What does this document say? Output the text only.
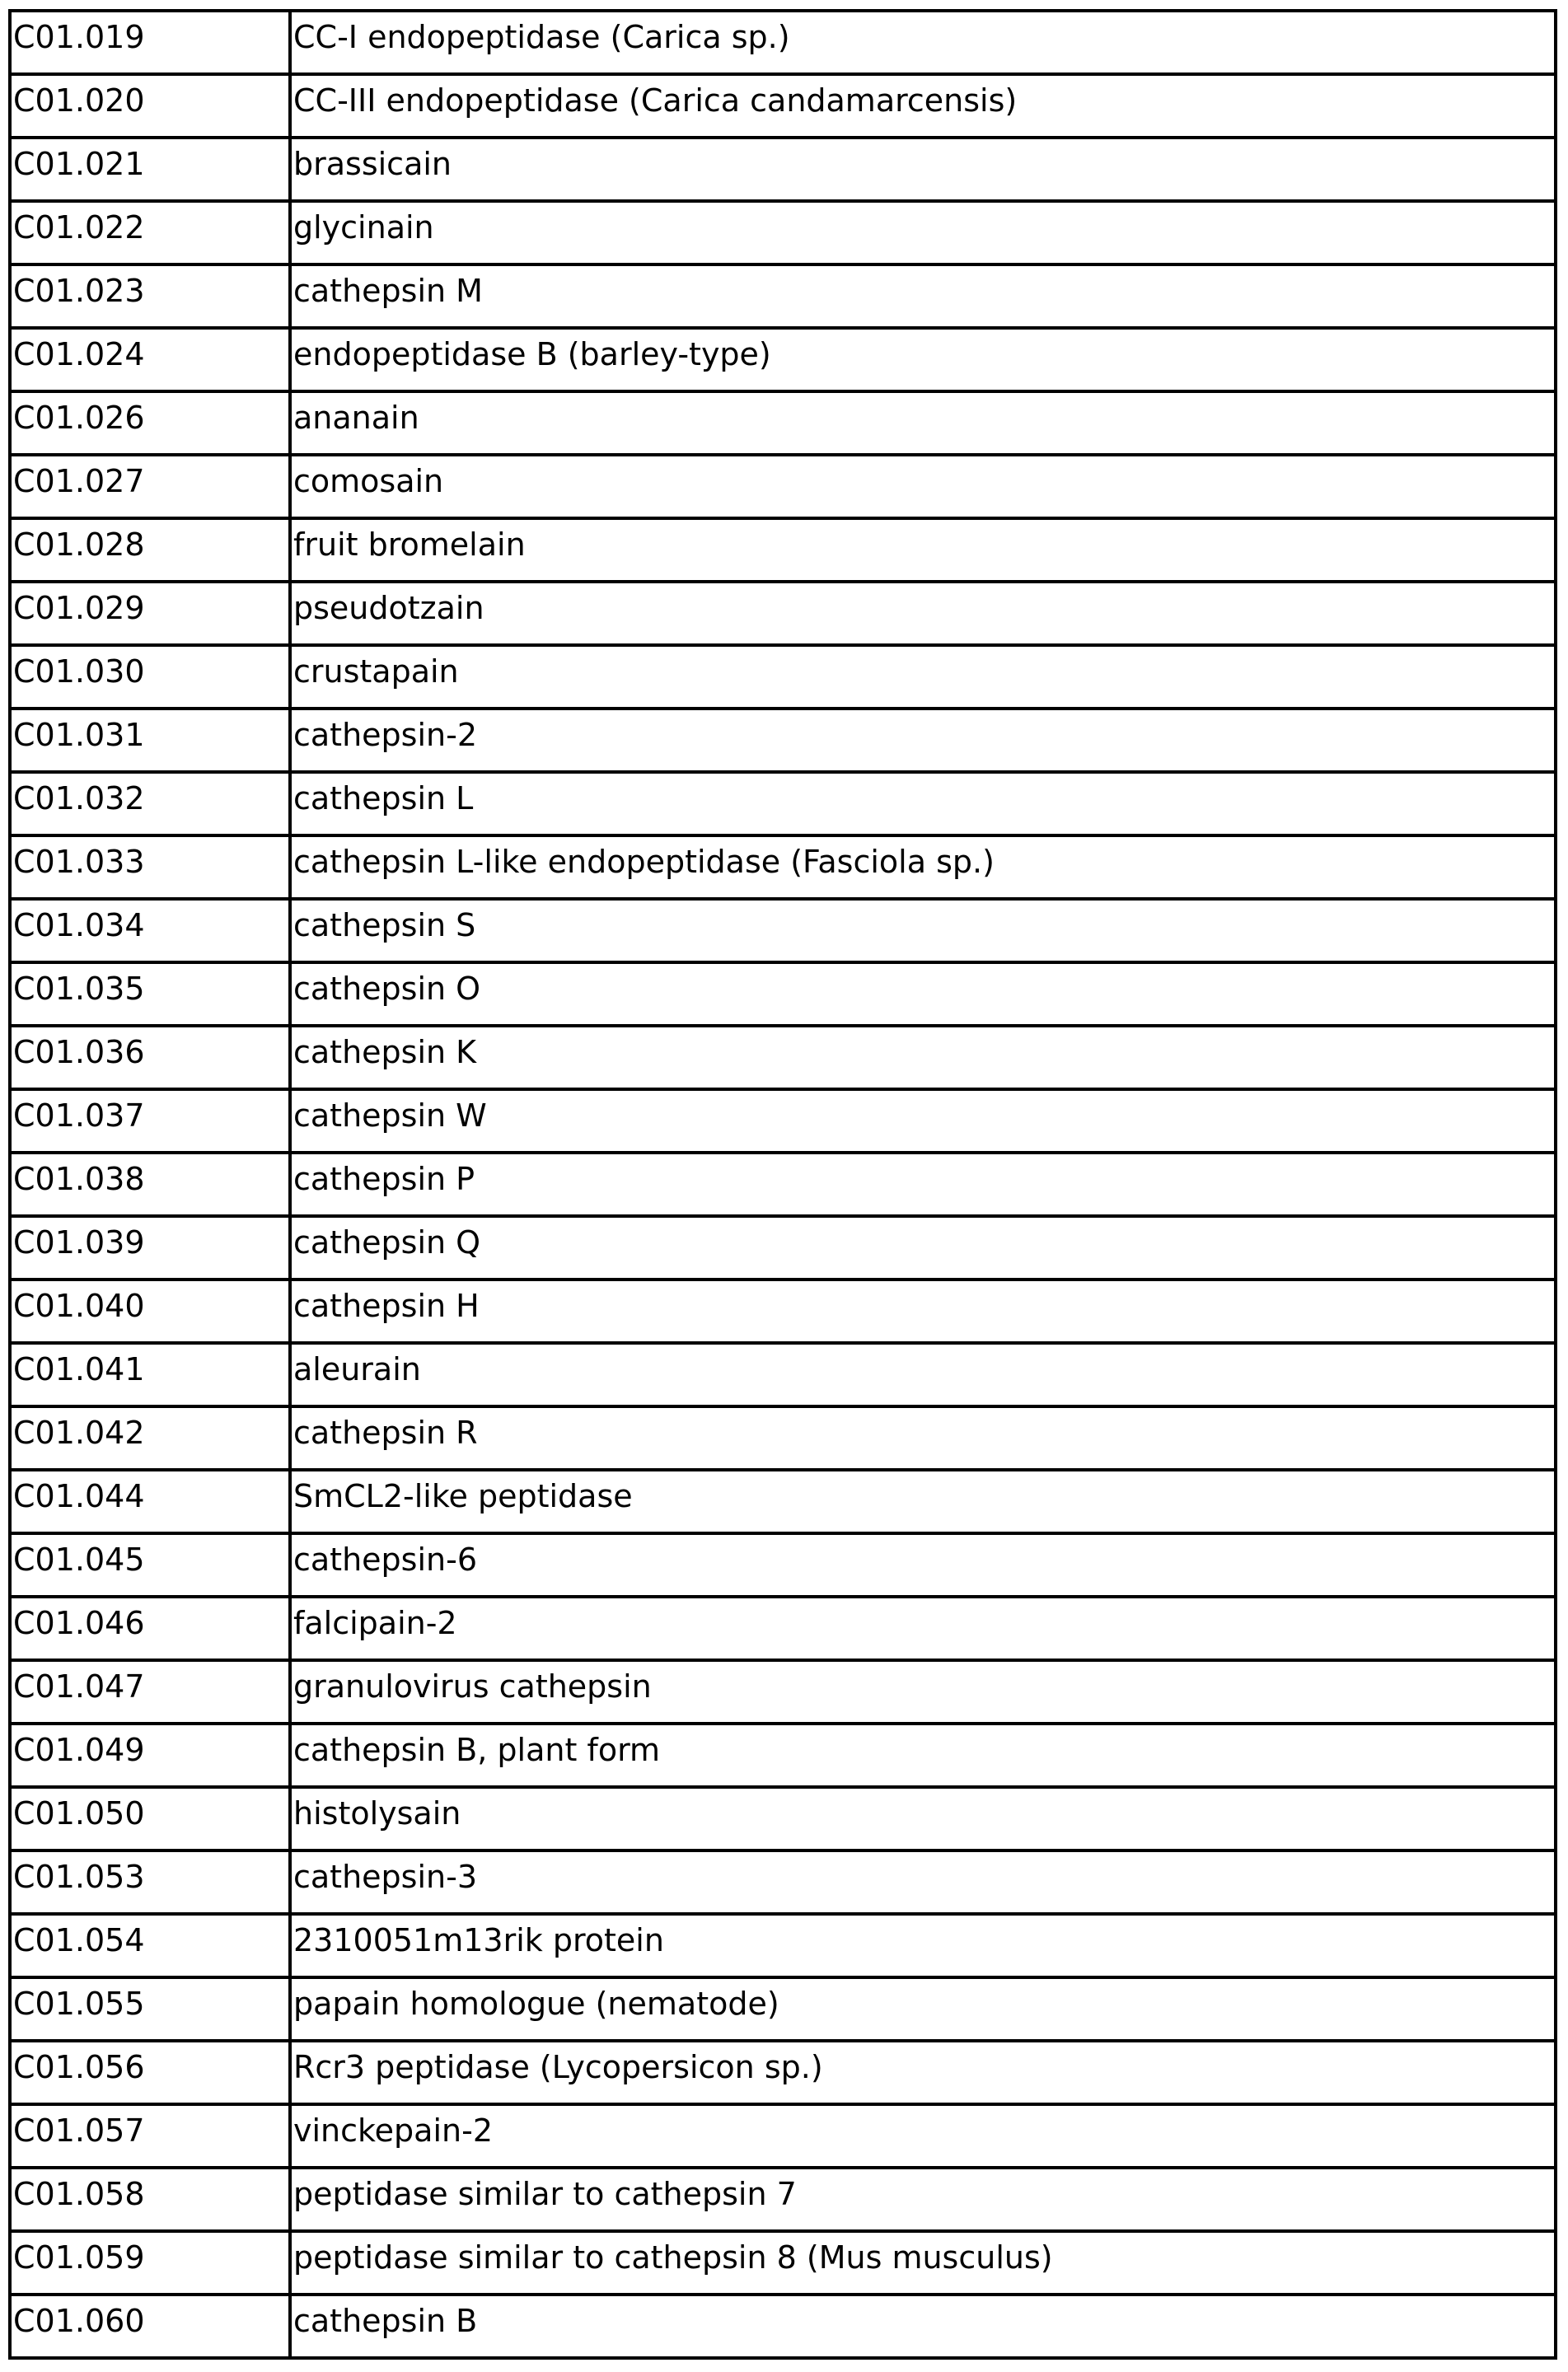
C01.019	CC-I endopeptidase (Carica sp.)
C01.020	CC-III endopeptidase (Carica candamarcensis)
C01.021	brassicain
C01.022	glycinain
C01.023	cathepsin M
C01.024	endopeptidase B (barley-type)
C01.026	ananain
C01.027	comosain
C01.028	fruit bromelain
C01.029	pseudotzain
C01.030	crustapain
C01.031	cathepsin-2
C01.032	cathepsin L
C01.033	cathepsin L-like endopeptidase (Fasciola sp.)
C01.034	cathepsin S
C01.035	cathepsin O
C01.036	cathepsin K
C01.037	cathepsin W
C01.038	cathepsin P
C01.039	cathepsin Q
C01.040	cathepsin H
C01.041	aleurain
C01.042	cathepsin R
C01.044	SmCL2-like peptidase
C01.045	cathepsin-6
C01.046	falcipain-2
C01.047	granulovirus cathepsin
C01.049	cathepsin B, plant form
C01.050	histolysain
C01.053	cathepsin-3
C01.054	2310051m13rik protein
C01.055	papain homologue (nematode)
C01.056	Rcr3 peptidase (Lycopersicon sp.)
C01.057	vinckepain-2
C01.058	peptidase similar to cathepsin 7
C01.059	peptidase similar to cathepsin 8 (Mus musculus)
C01.060	cathepsin B
